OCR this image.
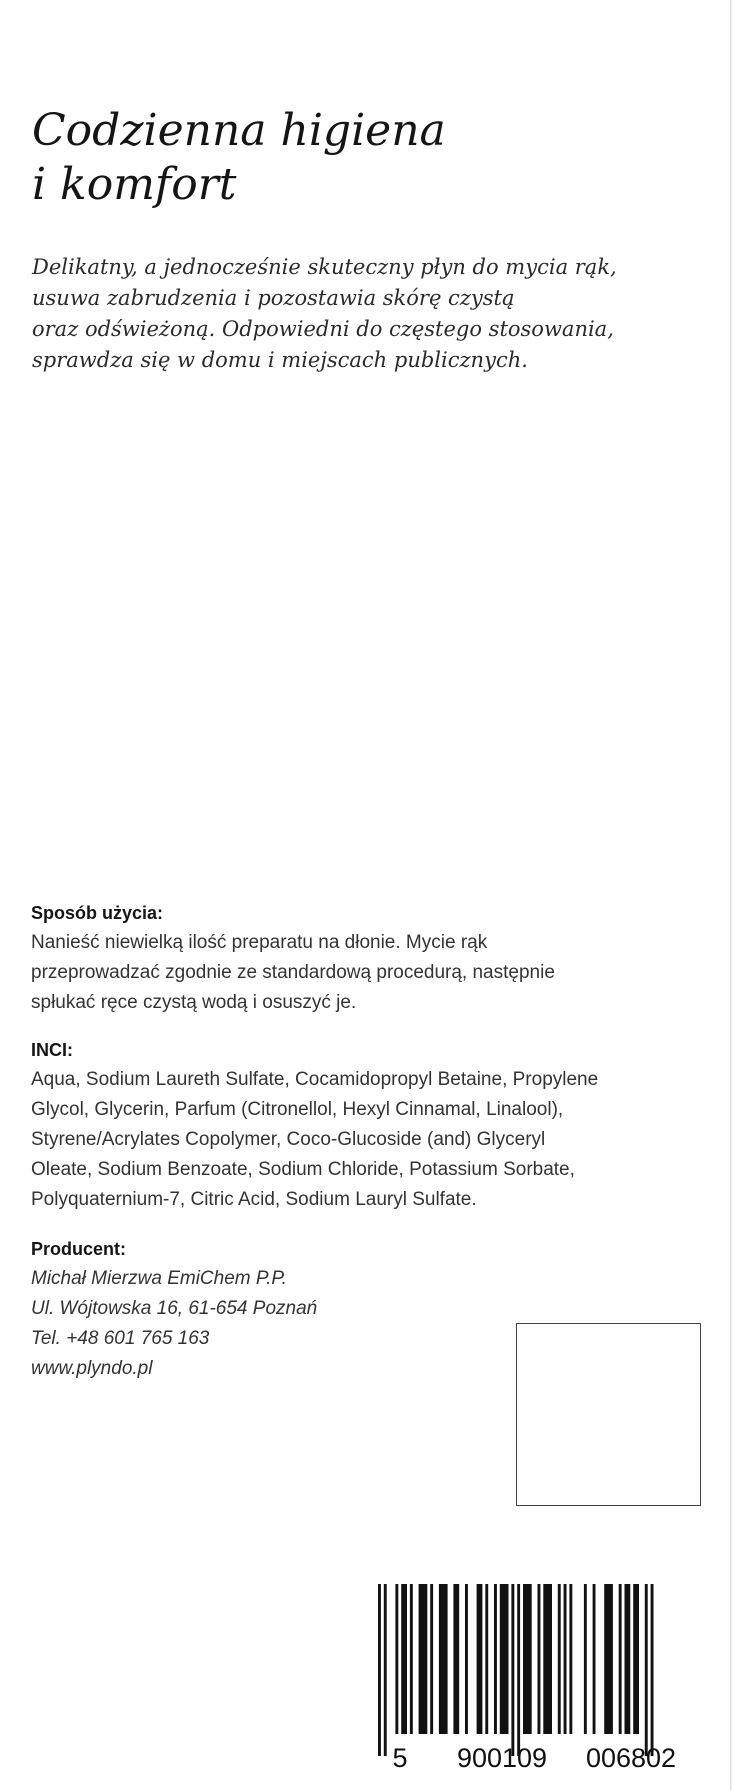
Codzienna higiena
i komfort

Delikatny, a jednocześnie skuteczny płyn do mycia rąk,
usuwa zabrudzenia i pozostawia skórę czystą
oraz odświeżoną. Odpowiedni do częstego stosowania,
sprawdza się w domu i miejscach publicznych.

Sposób użycia:

Nanieść niewielką ilość preparatu na dłonie. Mycie rąk
przeprowadzać zgodnie ze standardową procedurą, następnie
spłukać ręce czystą wodą i osuszyć je.

INCI:

Aqua, Sodium Laureth Sulfate, Cocamidopropyl Betaine, Propylene
Glycol, Glycerin, Parfum (Citronellol, Hexyl Cinnamal, Linalool),
Styrene/Acrylates Copolymer, Coco-Glucoside (and) Glyceryl
Oleate, Sodium Benzoate, Sodium Chloride, Potassium Sorbate,
Polyquaternium-7, Citric Acid, Sodium Lauryl Sulfate.

Producent:

Michał Mierzwa EmiChem P.P.
Ul. Wójtowska 16, 61-654 Poznań
Tel. +48 601 765 163
www.plyndo.pl

5 900109 006802
